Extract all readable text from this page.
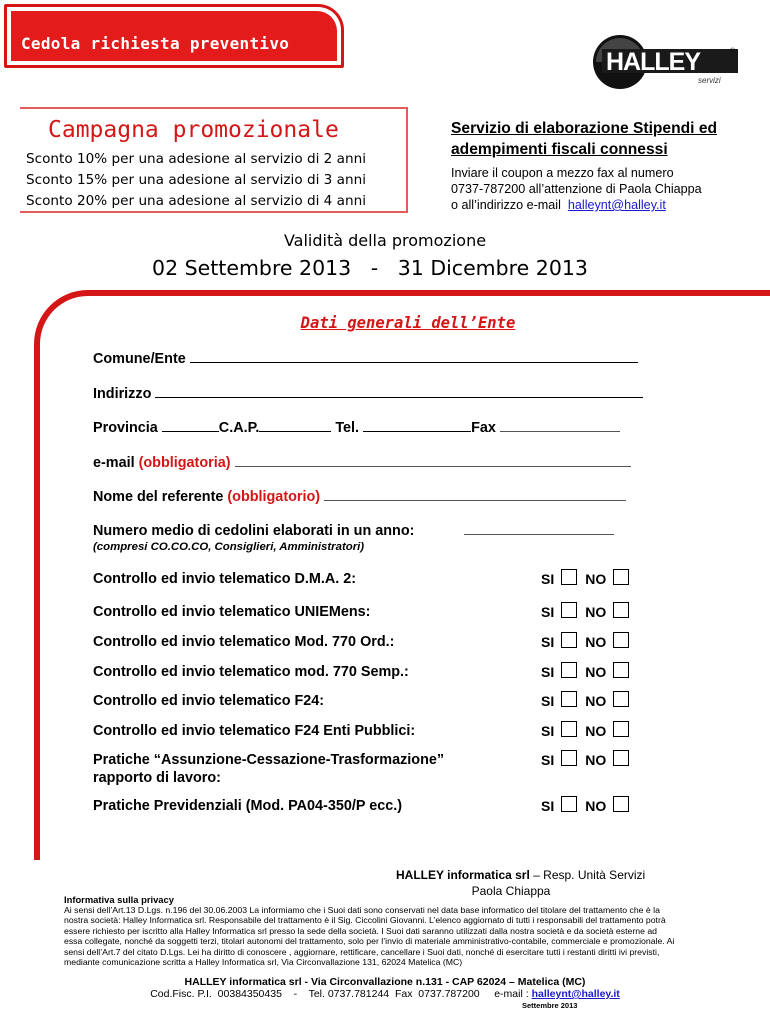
Cedola richiesta preventivo
HALLEY	®
servizi
Campagna promozionale
Sconto 10% per una adesione al servizio di 2 anni
Sconto 15% per una adesione al servizio di 3 anni
Sconto 20% per una adesione al servizio di 4 anni
Servizio di elaborazione Stipendi ed adempimenti fiscali connessi
Inviare il coupon a mezzo fax al numero
0737-787200 all’attenzione di Paola Chiappa
o all’indirizzo e-mail halleynt@halley.it
Validità della promozione
02 Settembre 2013   -   31 Dicembre 2013
Dati generali dell’Ente
Comune/Ente
Indirizzo
Provincia	C.A.P.	Tel.	Fax
e-mail (obbligatoria)
Nome del referente (obbligatorio)
Numero medio di cedolini elaborati in un anno:
(compresi CO.CO.CO, Consiglieri, Amministratori)
Controllo ed invio telematico D.M.A. 2:	SI NO
Controllo ed invio telematico UNIEMens:	SI NO
Controllo ed invio telematico Mod. 770 Ord.:	SI NO
Controllo ed invio telematico mod. 770 Semp.:	SI NO
Controllo ed invio telematico F24:	SI NO
Controllo ed invio telematico F24 Enti Pubblici:	SI NO
Pratiche “Assunzione-Cessazione-Trasformazione” rapporto di lavoro:
SI NO
Pratiche Previdenziali (Mod. PA04-350/P ecc.)	SI NO
HALLEY informatica srl – Resp. Unità Servizi
Paola Chiappa
Informativa sulla privacy
Ai sensi dell’Art.13 D.Lgs. n.196 del 30.06.2003 La informiamo che i Suoi dati sono conservati nel data base informatico del titolare del trattamento che è la nostra società: Halley Informatica srl. Responsabile del trattamento è il Sig. Ciccolini Giovanni. L’elenco aggiornato di tutti i responsabili del trattamento potrà essere richiesto per iscritto alla Halley Informatica srl presso la sede della società. I Suoi dati saranno utilizzati dalla nostra società e da società esterne ad essa collegate, nonché da soggetti terzi, titolari autonomi del trattamento, solo per l’invio di materiale amministrativo-contabile, commerciale e promozionale. Ai sensi dell’Art.7 del citato D.Lgs. Lei ha diritto di conoscere , aggiornare, rettificare, cancellare i Suoi dati, nonché di esercitare tutti i restanti diritti ivi previsti, mediante comunicazione scritta a Halley Informatica srl, Via Circonvallazione 131, 62024 Matelica (MC)
HALLEY informatica srl - Via Circonvallazione n.131 - CAP 62024 – Matelica (MC)
Cod.Fisc. P.I.  00384350435    -    Tel. 0737.781244  Fax  0737.787200     e-mail : halleynt@halley.it
Settembre 2013
